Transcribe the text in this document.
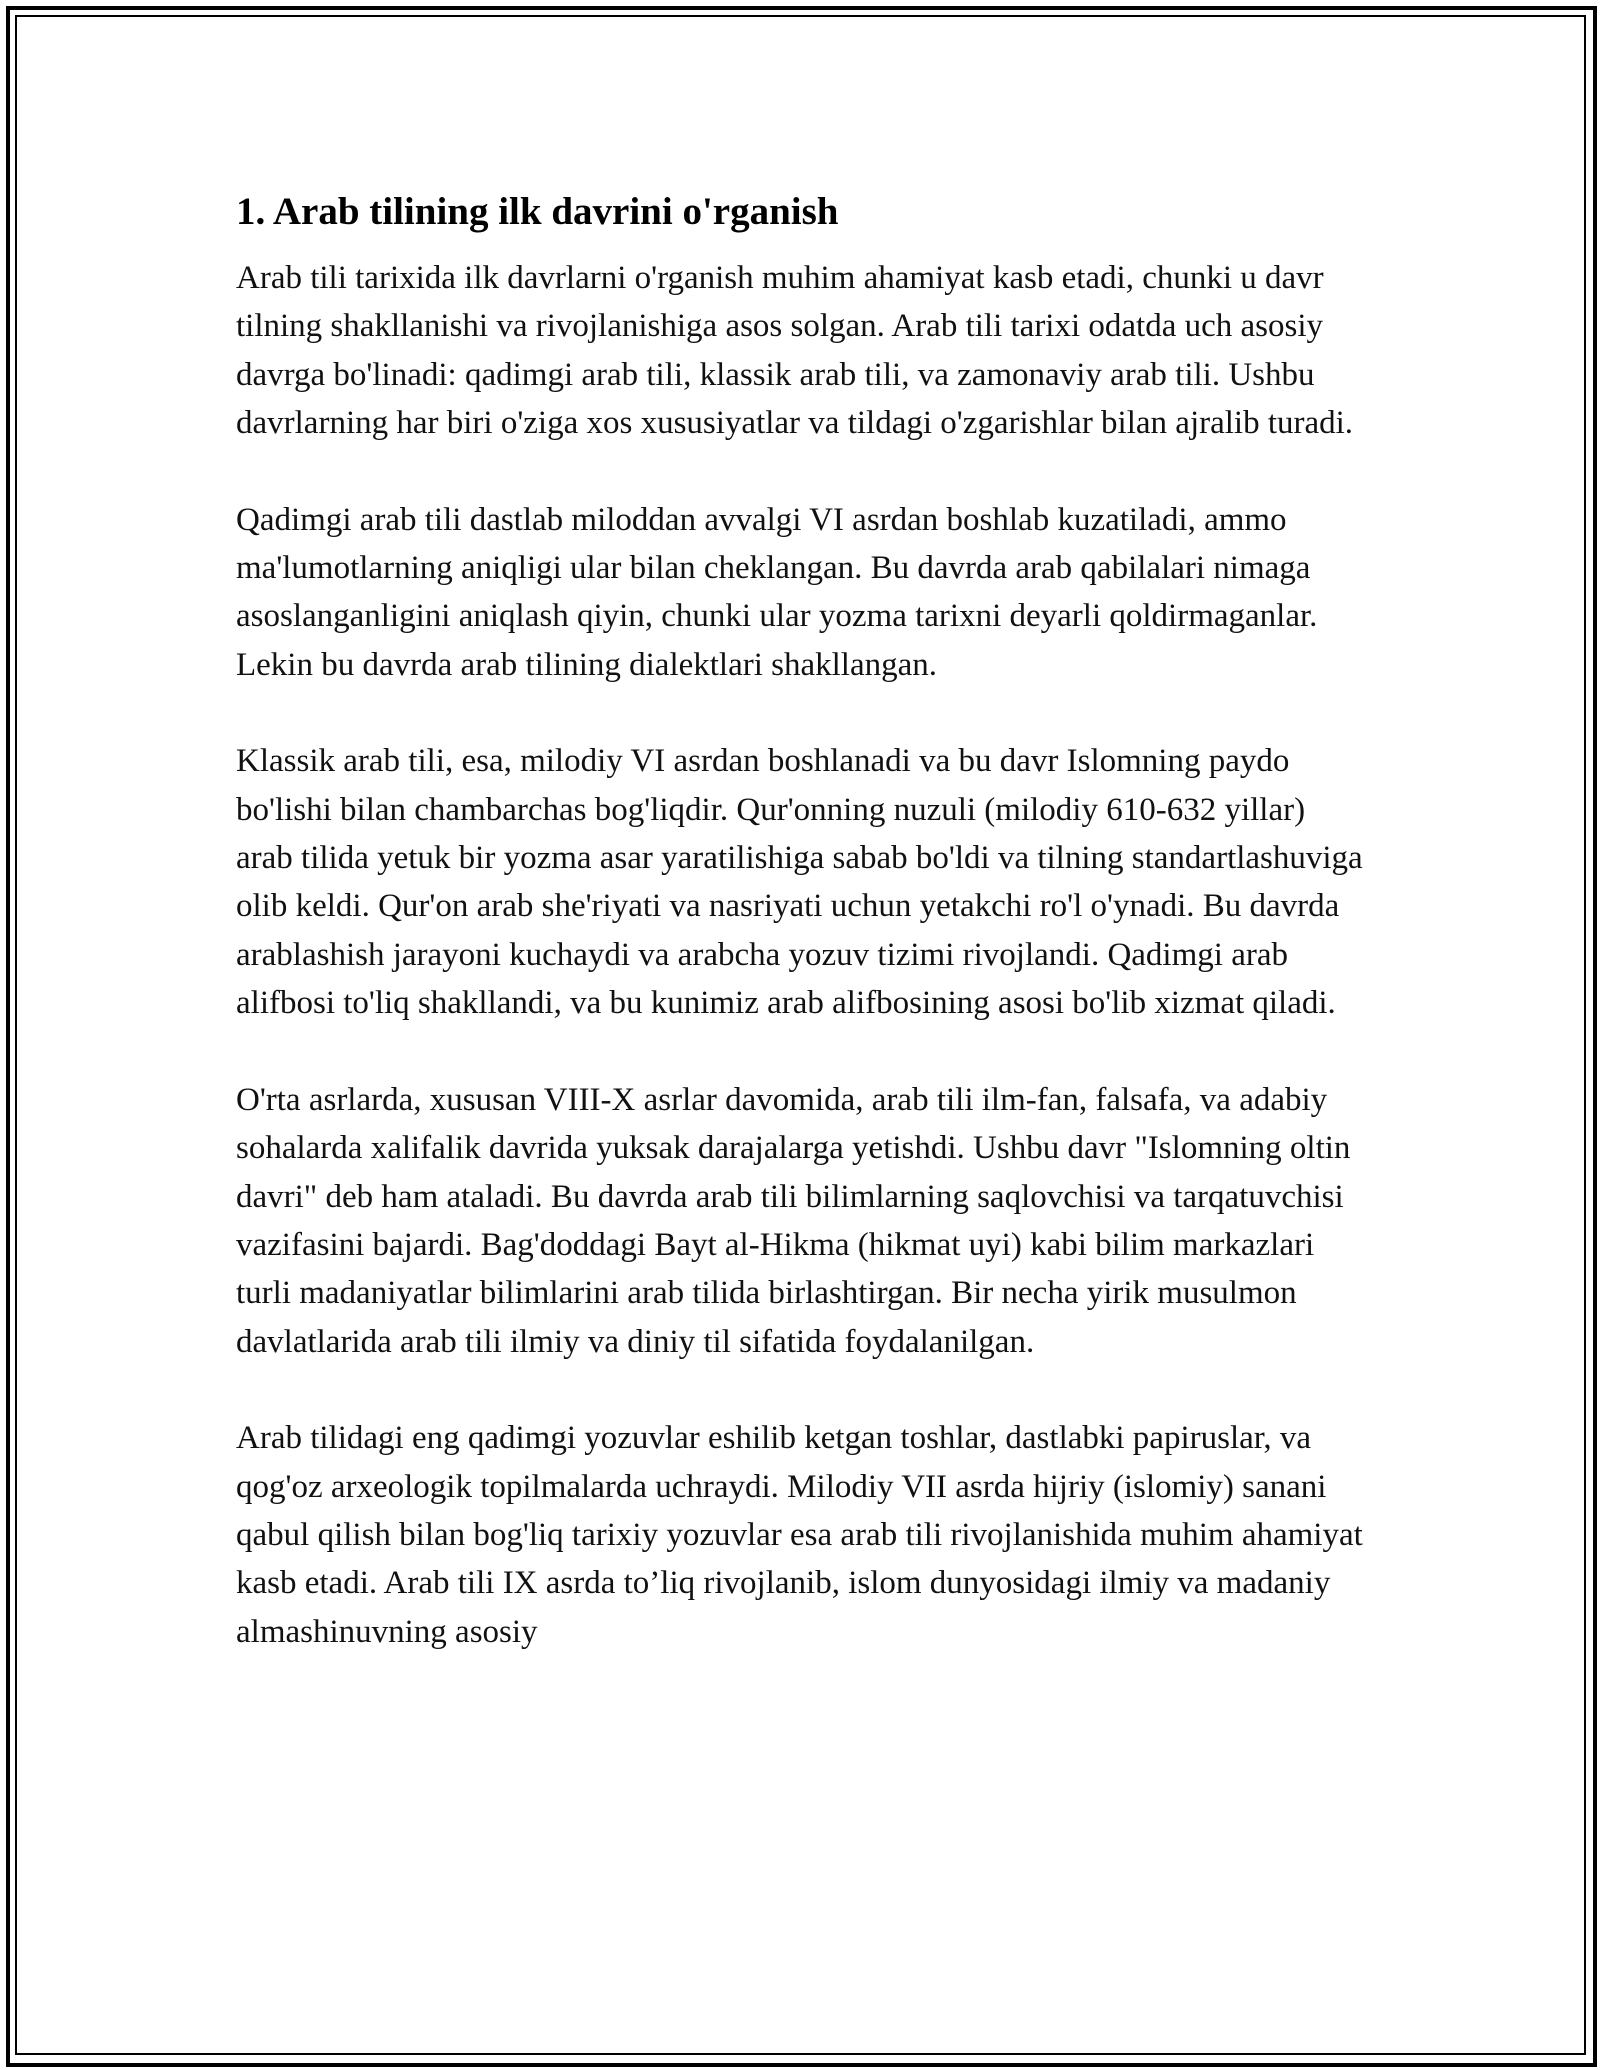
1. Arab tilining ilk davrini o'rganish

Arab tili tarixida ilk davrlarni o'rganish muhim ahamiyat kasb etadi, chunki u davr tilning shakllanishi va rivojlanishiga asos solgan. Arab tili tarixi odatda uch asosiy davrga bo'linadi: qadimgi arab tili, klassik arab tili, va zamonaviy arab tili. Ushbu davrlarning har biri o'ziga xos xususiyatlar va tildagi o'zgarishlar bilan ajralib turadi.

Qadimgi arab tili dastlab miloddan avvalgi VI asrdan boshlab kuzatiladi, ammo ma'lumotlarning aniqligi ular bilan cheklangan. Bu davrda arab qabilalari nimaga asoslanganligini aniqlash qiyin, chunki ular yozma tarixni deyarli qoldirmaganlar. Lekin bu davrda arab tilining dialektlari shakllangan.

Klassik arab tili, esa, milodiy VI asrdan boshlanadi va bu davr Islomning paydo bo'lishi bilan chambarchas bog'liqdir. Qur'onning nuzuli (milodiy 610-632 yillar) arab tilida yetuk bir yozma asar yaratilishiga sabab bo'ldi va tilning standartlashuviga olib keldi. Qur'on arab she'riyati va nasriyati uchun yetakchi ro'l o'ynadi. Bu davrda arablashish jarayoni kuchaydi va arabcha yozuv tizimi rivojlandi. Qadimgi arab alifbosi to'liq shakllandi, va bu kunimiz arab alifbosining asosi bo'lib xizmat qiladi.

O'rta asrlarda, xususan VIII-X asrlar davomida, arab tili ilm-fan, falsafa, va adabiy sohalarda xalifalik davrida yuksak darajalarga yetishdi. Ushbu davr "Islomning oltin davri" deb ham ataladi. Bu davrda arab tili bilimlarning saqlovchisi va tarqatuvchisi vazifasini bajardi. Bag'doddagi Bayt al-Hikma (hikmat uyi) kabi bilim markazlari turli madaniyatlar bilimlarini arab tilida birlashtirgan. Bir necha yirik musulmon davlatlarida arab tili ilmiy va diniy til sifatida foydalanilgan.

Arab tilidagi eng qadimgi yozuvlar eshilib ketgan toshlar, dastlabki papiruslar, va qog'oz arxeologik topilmalarda uchraydi. Milodiy VII asrda hijriy (islomiy) sanani qabul qilish bilan bog'liq tarixiy yozuvlar esa arab tili rivojlanishida muhim ahamiyat kasb etadi. Arab tili IX asrda to’liq rivojlanib, islom dunyosidagi ilmiy va madaniy almashinuvning asosiy
